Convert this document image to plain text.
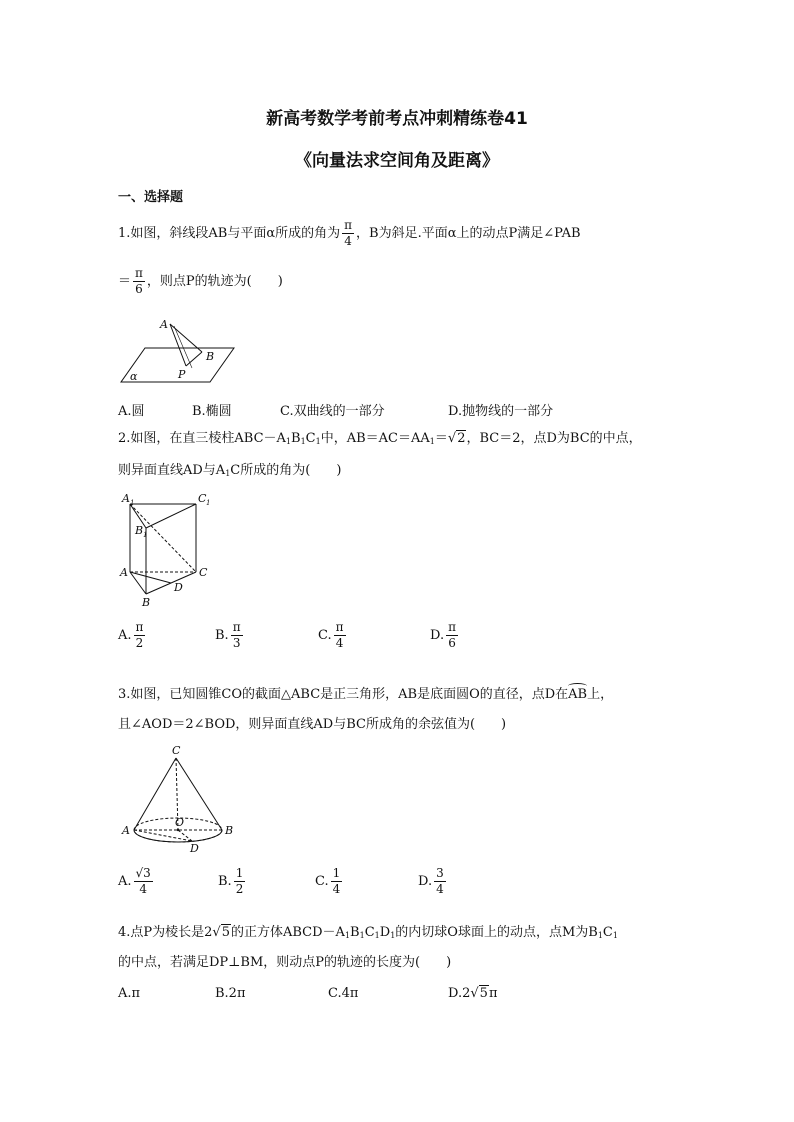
新高考数学考前考点冲刺精练卷41
《向量法求空间角及距离》
一、选择题
1.如图，斜线段AB与平面α所成的角为 $\frac{\pi}{4}$ ，B为斜足.平面α上的动点P满足∠PAB
＝ $\frac{\pi}{6}$ ，则点P的轨迹为(　　)
A
B
P
α
A.圆	B.椭圆	C.双曲线的一部分	D.抛物线的一部分
2.如图，在直三棱柱$ABC-A_1B_1C_1$中，$AB=AC=AA_1=√2$，BC＝2，点D为BC的中点，
则异面直线AD与$A_1C$所成的角为(　　)
A 1	C 1
B 1
A	C
D
B
A. $\frac{\pi}{2}$	B. $\frac{\pi}{3}$	C. $\frac{\pi}{4}$	D. $\frac{\pi}{6}$
3.如图，已知圆锥CO的截面△ABC是正三角形，AB是底面圆O的直径，点D在AB上，
且∠AOD＝2∠BOD，则异面直线AD与BC所成角的余弦值为(　　)
C
A
O
B
D
A. $\frac{√3}{4}$	B. $\frac{1}{2}$	C. $\frac{1}{4}$	D. $\frac{3}{4}$
4.点P为棱长是2√5的正方体$ABCD-A_1B_1C_1D_1$的内切球O球面上的动点，点M为$B_1C_1$
的中点，若满足DP⊥BM，则动点P的轨迹的长度为(　　)
A.π	B.2π	C.4π	D.2√5π
